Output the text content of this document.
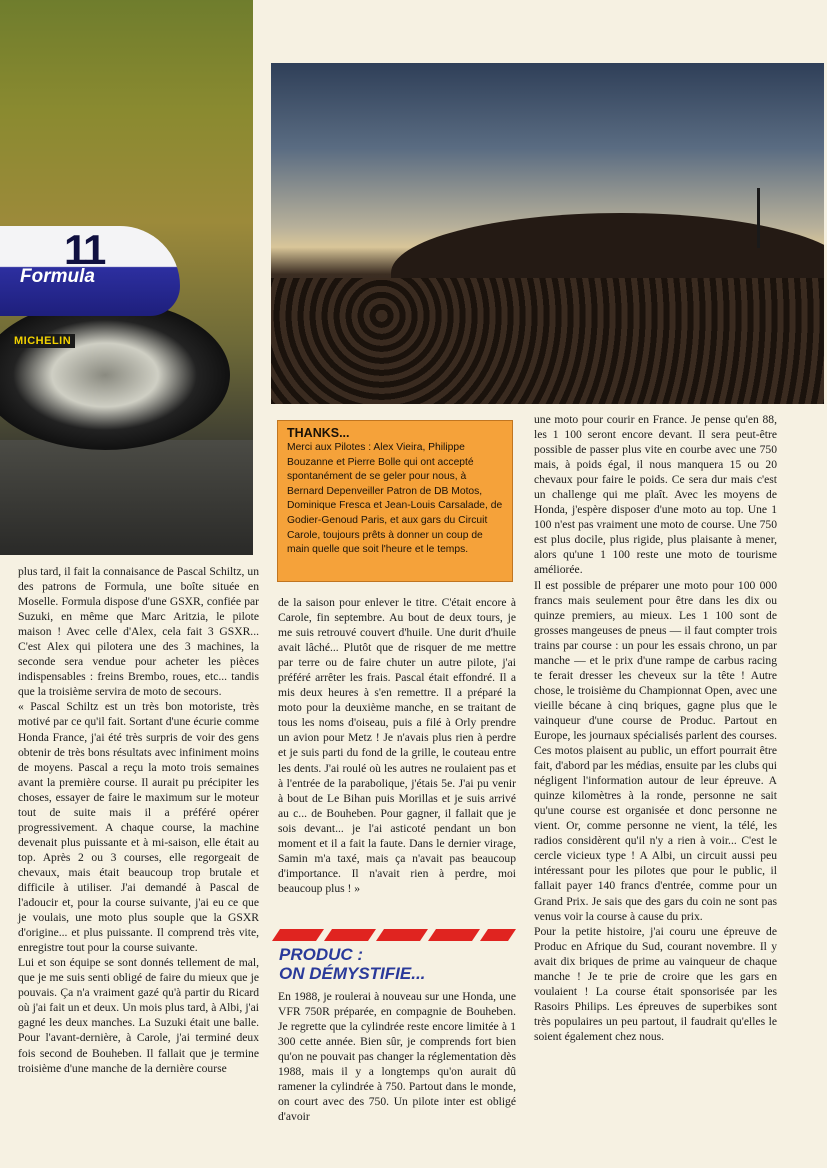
11
Formula
MICHELIN

THANKS...

Merci aux Pilotes : Alex Vieira, Philippe Bouzanne et Pierre Bolle qui ont accepté spontanément de se geler pour nous, à Bernard Depenveiller Patron de DB Motos, Dominique Fresca et Jean-Louis Carsalade, de Godier-Genoud Paris, et aux gars du Circuit Carole, toujours prêts à donner un coup de main quelle que soit l'heure et le temps.

plus tard, il fait la connaisance de Pascal Schiltz, un des patrons de Formula, une boîte située en Moselle. Formula dispose d'une GSXR, confiée par Suzuki, en même que Marc Aritzia, le pilote maison ! Avec celle d'Alex, cela fait 3 GSXR... C'est Alex qui pilotera une des 3 machines, la seconde sera vendue pour acheter les pièces indispensables : freins Brembo, roues, etc... tandis que la troisième servira de moto de secours.

« Pascal Schiltz est un très bon motoriste, très motivé par ce qu'il fait. Sortant d'une écurie comme Honda France, j'ai été très surpris de voir des gens obtenir de très bons résultats avec infiniment moins de moyens. Pascal a reçu la moto trois semaines avant la première course. Il aurait pu précipiter les choses, essayer de faire le maximum sur le moteur tout de suite mais il a préféré opérer progressivement. A chaque course, la machine devenait plus puissante et à mi-saison, elle était au top. Après 2 ou 3 courses, elle regorgeait de chevaux, mais était beaucoup trop brutale et difficile à utiliser. J'ai demandé à Pascal de l'adoucir et, pour la course suivante, j'ai eu ce que je voulais, une moto plus souple que la GSXR d'origine... et plus puissante. Il comprend très vite, enregistre tout pour la course suivante.

Lui et son équipe se sont donnés tellement de mal, que je me suis senti obligé de faire du mieux que je pouvais. Ça n'a vraiment gazé qu'à partir du Ricard où j'ai fait un et deux. Un mois plus tard, à Albi, j'ai gagné les deux manches. La Suzuki était une balle. Pour l'avant-dernière, à Carole, j'ai terminé deux fois second de Bouheben. Il fallait que je termine troisième d'une manche de la dernière course

de la saison pour enlever le titre. C'était encore à Carole, fin septembre. Au bout de deux tours, je me suis retrouvé couvert d'huile. Une durit d'huile avait lâché... Plutôt que de risquer de me mettre par terre ou de faire chuter un autre pilote, j'ai préféré arrêter les frais. Pascal était effondré. Il a mis deux heures à s'en remettre. Il a préparé la moto pour la deuxième manche, en se traitant de tous les noms d'oiseau, puis a filé à Orly prendre un avion pour Metz ! Je n'avais plus rien à perdre et je suis parti du fond de la grille, le couteau entre les dents. J'ai roulé où les autres ne roulaient pas et à l'entrée de la parabolique, j'étais 5e. J'ai pu venir à bout de Le Bihan puis Morillas et je suis arrivé au c... de Bouheben. Pour gagner, il fallait que je sois devant... je l'ai asticoté pendant un bon moment et il a fait la faute. Dans le dernier virage, Samin m'a taxé, mais ça n'avait pas beaucoup d'importance. Il n'avait rien à perdre, moi beaucoup plus ! »

PRODUC :
ON DÉMYSTIFIE...

En 1988, je roulerai à nouveau sur une Honda, une VFR 750R préparée, en compagnie de Bouheben. Je regrette que la cylindrée reste encore limitée à 1 300 cette année. Bien sûr, je comprends fort bien qu'on ne pouvait pas changer la réglementation dès 1988, mais il y a longtemps qu'on aurait dû ramener la cylindrée à 750. Partout dans le monde, on court avec des 750. Un pilote inter est obligé d'avoir

une moto pour courir en France. Je pense qu'en 88, les 1 100 seront encore devant. Il sera peut-être possible de passer plus vite en courbe avec une 750 mais, à poids égal, il nous manquera 15 ou 20 chevaux pour faire le poids. Ce sera dur mais c'est un challenge qui me plaît. Avec les moyens de Honda, j'espère disposer d'une moto au top. Une 1 100 n'est pas vraiment une moto de course. Une 750 est plus docile, plus rigide, plus plaisante à mener, alors qu'une 1 100 reste une moto de tourisme améliorée.

Il est possible de préparer une moto pour 100 000 francs mais seulement pour être dans les dix ou quinze premiers, au mieux. Les 1 100 sont de grosses mangeuses de pneus — il faut compter trois trains par course : un pour les essais chrono, un par manche — et le prix d'une rampe de carbus racing te ferait dresser les cheveux sur la tête ! Autre chose, le troisième du Championnat Open, avec une vieille bécane à cinq briques, gagne plus que le vainqueur d'une course de Produc. Partout en Europe, les journaux spécialisés parlent des courses. Ces motos plaisent au public, un effort pourrait être fait, d'abord par les médias, ensuite par les clubs qui négligent l'information autour de leur épreuve. A quinze kilomètres à la ronde, personne ne sait qu'une course est organisée et donc personne ne vient. Or, comme personne ne vient, la télé, les radios considèrent qu'il n'y a rien à voir... C'est le cercle vicieux type ! A Albi, un circuit aussi peu intéressant pour les pilotes que pour le public, il fallait payer 140 francs d'entrée, comme pour un Grand Prix. Je sais que des gars du coin ne sont pas venus voir la course à cause du prix.

Pour la petite histoire, j'ai couru une épreuve de Produc en Afrique du Sud, courant novembre. Il y avait dix briques de prime au vainqueur de chaque manche ! Je te prie de croire que les gars en voulaient ! La course était sponsorisée par les Rasoirs Philips. Les épreuves de superbikes sont très populaires un peu partout, il faudrait qu'elles le soient également chez nous.
